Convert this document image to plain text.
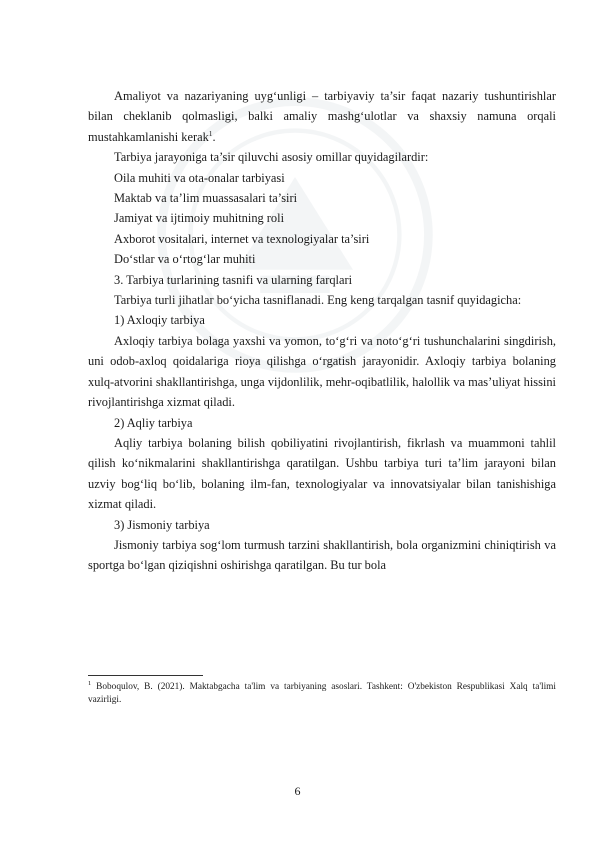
Amaliyot va nazariyaning uyg‘unligi – tarbiyaviy ta’sir faqat nazariy tushuntirishlar bilan cheklanib qolmasligi, balki amaliy mashg‘ulotlar va shaxsiy namuna orqali mustahkamlanishi kerak$^1$.

Tarbiya jarayoniga ta’sir qiluvchi asosiy omillar quyidagilardir:

Oila muhiti va ota-onalar tarbiyasi

Maktab va ta’lim muassasalari ta’siri

Jamiyat va ijtimoiy muhitning roli

Axborot vositalari, internet va texnologiyalar ta’siri

Do‘stlar va o‘rtog‘lar muhiti

3. Tarbiya turlarining tasnifi va ularning farqlari

Tarbiya turli jihatlar bo‘yicha tasniflanadi. Eng keng tarqalgan tasnif quyidagicha:

1) Axloqiy tarbiya

Axloqiy tarbiya bolaga yaxshi va yomon, to‘g‘ri va noto‘g‘ri tushunchalarini singdirish, uni odob-axloq qoidalariga rioya qilishga o‘rgatish jarayonidir. Axloqiy tarbiya bolaning xulq-atvorini shakllantirishga, unga vijdonlilik, mehr-oqibatlilik, halollik va mas’uliyat hissini rivojlantirishga xizmat qiladi.

2) Aqliy tarbiya

Aqliy tarbiya bolaning bilish qobiliyatini rivojlantirish, fikrlash va muammoni tahlil qilish ko‘nikmalarini shakllantirishga qaratilgan. Ushbu tarbiya turi ta’lim jarayoni bilan uzviy bog‘liq bo‘lib, bolaning ilm-fan, texnologiyalar va innovatsiyalar bilan tanishishiga xizmat qiladi.

3) Jismoniy tarbiya

Jismoniy tarbiya sog‘lom turmush tarzini shakllantirish, bola organizmini chiniqtirish va sportga bo‘lgan qiziqishni oshirishga qaratilgan. Bu tur bola

$^1$ Boboqulov, B. (2021). Maktabgacha ta'lim va tarbiyaning asoslari. Tashkent: O'zbekiston Respublikasi Xalq ta'limi vazirligi.
6
